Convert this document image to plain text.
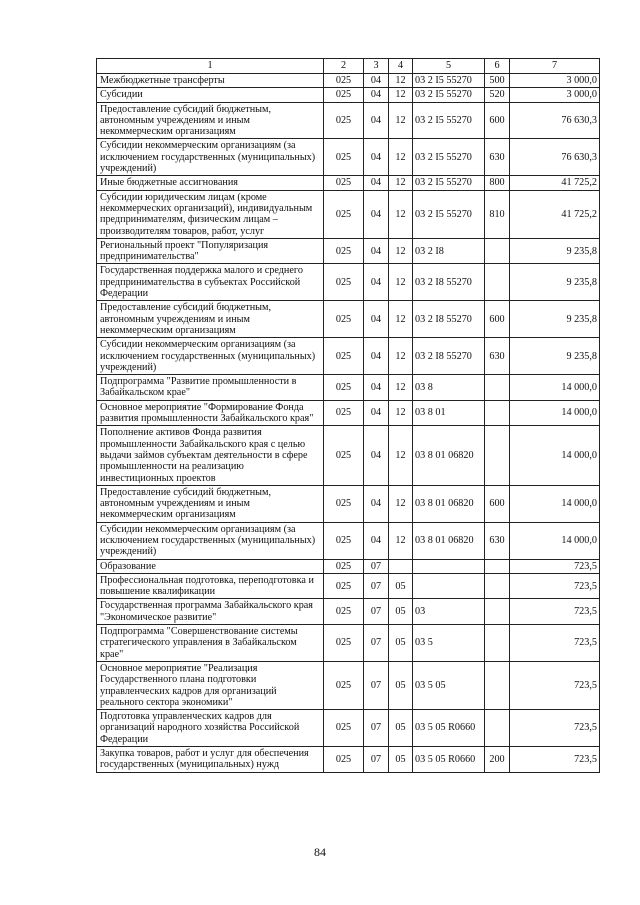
1	2	3	4	5	6	7
Межбюджетные трансферты	025	04	12	03 2 I5 55270	500	3 000,0
Субсидии	025	04	12	03 2 I5 55270	520	3 000,0
Предоставление субсидий бюджетным, автономным учреждениям и иным некоммерческим организациям	025	04	12	03 2 I5 55270	600	76 630,3
Субсидии некоммерческим организациям (за исключением государственных (муниципальных) учреждений)	025	04	12	03 2 I5 55270	630	76 630,3
Иные бюджетные ассигнования	025	04	12	03 2 I5 55270	800	41 725,2
Субсидии юридическим лицам (кроме некоммерческих организаций), индивидуальным предпринимателям, физическим лицам – производителям товаров, работ, услуг	025	04	12	03 2 I5 55270	810	41 725,2
Региональный проект "Популяризация предпринимательства"	025	04	12	03 2 I8		9 235,8
Государственная поддержка малого и среднего предпринимательства в субъектах Российской Федерации	025	04	12	03 2 I8 55270		9 235,8
Предоставление субсидий бюджетным, автономным учреждениям и иным некоммерческим организациям	025	04	12	03 2 I8 55270	600	9 235,8
Субсидии некоммерческим организациям (за исключением государственных (муниципальных) учреждений)	025	04	12	03 2 I8 55270	630	9 235,8
Подпрограмма "Развитие промышленности в Забайкальском крае"	025	04	12	03 8		14 000,0
Основное мероприятие "Формирование Фонда развития промышленности Забайкальского края"	025	04	12	03 8 01		14 000,0
Пополнение активов Фонда развития промышленности Забайкальского края с целью выдачи займов субъектам деятельности в сфере промышленности на реализацию инвестиционных проектов	025	04	12	03 8 01 06820		14 000,0
Предоставление субсидий бюджетным, автономным учреждениям и иным некоммерческим организациям	025	04	12	03 8 01 06820	600	14 000,0
Субсидии некоммерческим организациям (за исключением государственных (муниципальных) учреждений)	025	04	12	03 8 01 06820	630	14 000,0
Образование	025	07				723,5
Профессиональная подготовка, переподготовка и повышение квалификации	025	07	05			723,5
Государственная программа Забайкальского края "Экономическое развитие"	025	07	05	03		723,5
Подпрограмма "Совершенствование системы стратегического управления в Забайкальском крае"	025	07	05	03 5		723,5
Основное мероприятие "Реализация Государственного плана подготовки управленческих кадров для организаций реального сектора экономики"	025	07	05	03 5 05		723,5
Подготовка управленческих кадров для организаций народного хозяйства Российской Федерации	025	07	05	03 5 05 R0660		723,5
Закупка товаров, работ и услуг для обеспечения государственных (муниципальных) нужд	025	07	05	03 5 05 R0660	200	723,5
84
